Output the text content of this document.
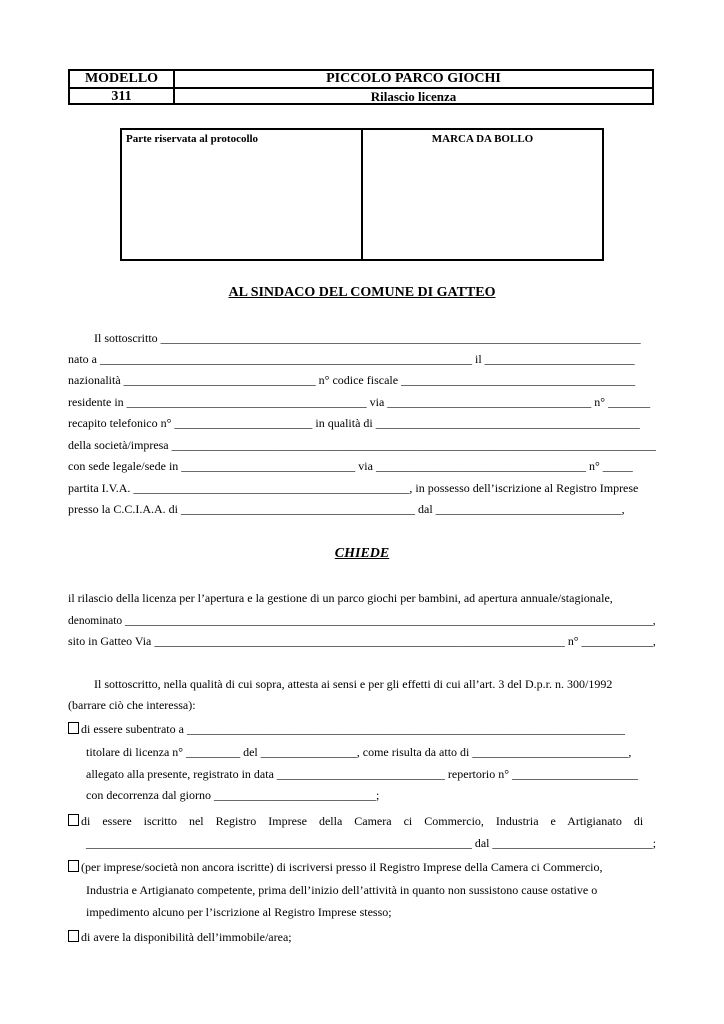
MODELLO
311
PICCOLO PARCO GIOCHI
Rilascio licenza
Parte riservata al protocollo	MARCA DA BOLLO
AL SINDACO DEL COMUNE DI GATTEO
Il sottoscritto ________________________________________________________________________________
nato a ______________________________________________________________ il _________________________
nazionalità ________________________________ n° codice fiscale _______________________________________
residente in ________________________________________ via __________________________________ n° _______
recapito telefonico n° _______________________ in qualità di ____________________________________________
della società/impresa _________________________________________________________________________________
con sede legale/sede in _____________________________ via ___________________________________ n° _____
partita I.V.A. ______________________________________________, in possesso dell’iscrizione al Registro Imprese
presso la C.C.I.A.A. di _______________________________________ dal _______________________________,
CHIEDE
il rilascio della licenza per l’apertura e la gestione di un parco giochi per bambini, ad apertura annuale/stagionale,
denominato ____________________________________________________________________________________________,
sito in Gatteo Via _____________________________________________________________________ n° ____________,
Il sottoscritto, nella qualità di cui sopra, attesta ai sensi e per gli effetti di cui all’art. 3 del D.p.r. n. 300/1992
(barrare ciò che interessa):
di essere subentrato a _________________________________________________________________________
titolare di licenza n° _________ del ________________, come risulta da atto di __________________________,
allegato alla presente, registrato in data ____________________________ repertorio n° _____________________
con decorrenza dal giorno ___________________________;
di essere iscritto nel Registro Imprese della Camera ci Commercio, Industria e Artigianato di
_________________________________________________________________ dal ___________________________;
(per imprese/società non ancora iscritte) di iscriversi presso il Registro Imprese della Camera ci Commercio,
Industria e Artigianato competente, prima dell’inizio dell’attività in quanto non sussistono cause ostative o
impedimento alcuno per l’iscrizione al Registro Imprese stesso;
di avere la disponibilità dell’immobile/area;
